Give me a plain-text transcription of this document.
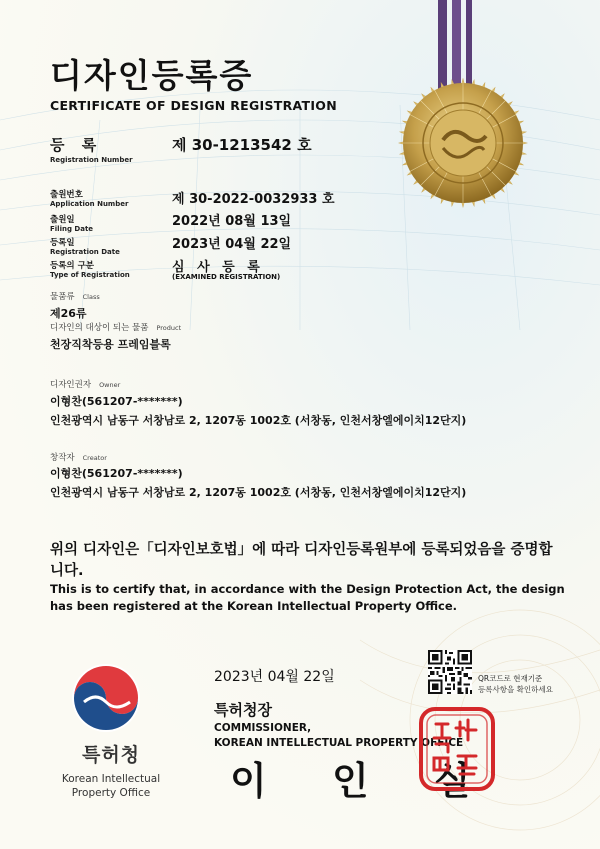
디자인등록증
CERTIFICATE OF DESIGN REGISTRATION
등 록
Registration Number
제 30-1213542 호
출원번호
Application Number	제 30-2022-0032933 호
출원일
Filing Date	2022년 08월 13일
등록일
Registration Date	2023년 04월 22일
등록의 구분
Type of Registration	심 사 등 록
(EXAMINED REGISTRATION)
물품류 Class
제26류
디자인의 대상이 되는 물품 Product
천장직착등용 프레임블록
디자인권자 Owner
이형찬(561207-*******)
인천광역시 남동구 서창남로 2, 1207동 1002호 (서창동, 인천서창엘에이치12단지)
창작자 Creator
이형찬(561207-*******)
인천광역시 남동구 서창남로 2, 1207동 1002호 (서창동, 인천서창엘에이치12단지)
위의 디자인은「디자인보호법」에 따라 디자인등록원부에 등록되었음을 증명합니다.
This is to certify that, in accordance with the Design Protection Act, the design has been registered at the Korean Intellectual Property Office.
특허청
Korean Intellectual
Property Office
2023년 04월 22일	QR코드로 현재기준
등록사항을 확인하세요
특허청장
COMMISSIONER,
KOREAN INTELLECTUAL PROPERTY OFFICE
이 인 실
